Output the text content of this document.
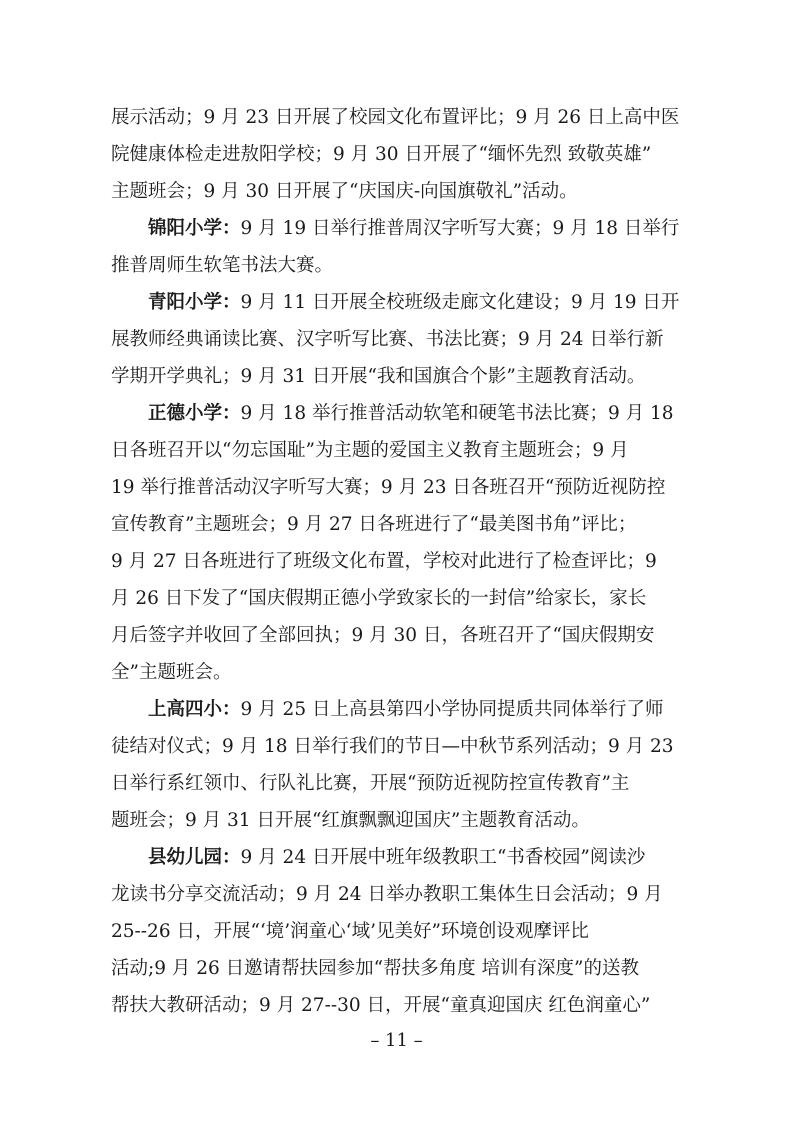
展示活动；9 月 23 日开展了校园文化布置评比；9 月 26 日上高中医
院健康体检走进敖阳学校；9 月 30 日开展了“缅怀先烈 致敬英雄”
主题班会；9 月 30 日开展了“庆国庆-向国旗敬礼”活动。
锦阳小学：9 月 19 日举行推普周汉字听写大赛；9 月 18 日举行
推普周师生软笔书法大赛。
青阳小学：9 月 11 日开展全校班级走廊文化建设；9 月 19 日开
展教师经典诵读比赛、汉字听写比赛、书法比赛；9 月 24 日举行新
学期开学典礼；9 月 31 日开展“我和国旗合个影”主题教育活动。
正德小学：9 月 18 举行推普活动软笔和硬笔书法比赛；9 月 18
日各班召开以“勿忘国耻”为主题的爱国主义教育主题班会；9 月
19 举行推普活动汉字听写大赛；9 月 23 日各班召开“预防近视防控
宣传教育”主题班会；9 月 27 日各班进行了“最美图书角”评比；
9 月 27 日各班进行了班级文化布置，学校对此进行了检查评比；9
月 26 日下发了“国庆假期正德小学致家长的一封信”给家长，家长
月后签字并收回了全部回执；9 月 30 日，各班召开了“国庆假期安
全”主题班会。
上高四小：9 月 25 日上高县第四小学协同提质共同体举行了师
徒结对仪式；9 月 18 日举行我们的节日—中秋节系列活动；9 月 23
日举行系红领巾、行队礼比赛，开展“预防近视防控宣传教育”主
题班会；9 月 31 日开展“红旗飘飘迎国庆”主题教育活动。
县幼儿园：9 月 24 日开展中班年级教职工“书香校园”阅读沙
龙读书分享交流活动；9 月 24 日举办教职工集体生日会活动；9 月
25--26 日，开展“‘境’润童心‘域’见美好”环境创设观摩评比
活动;9 月 26 日邀请帮扶园参加“帮扶多角度 培训有深度”的送教
帮扶大教研活动；9 月 27--30 日，开展“童真迎国庆 红色润童心”
– 11 –
